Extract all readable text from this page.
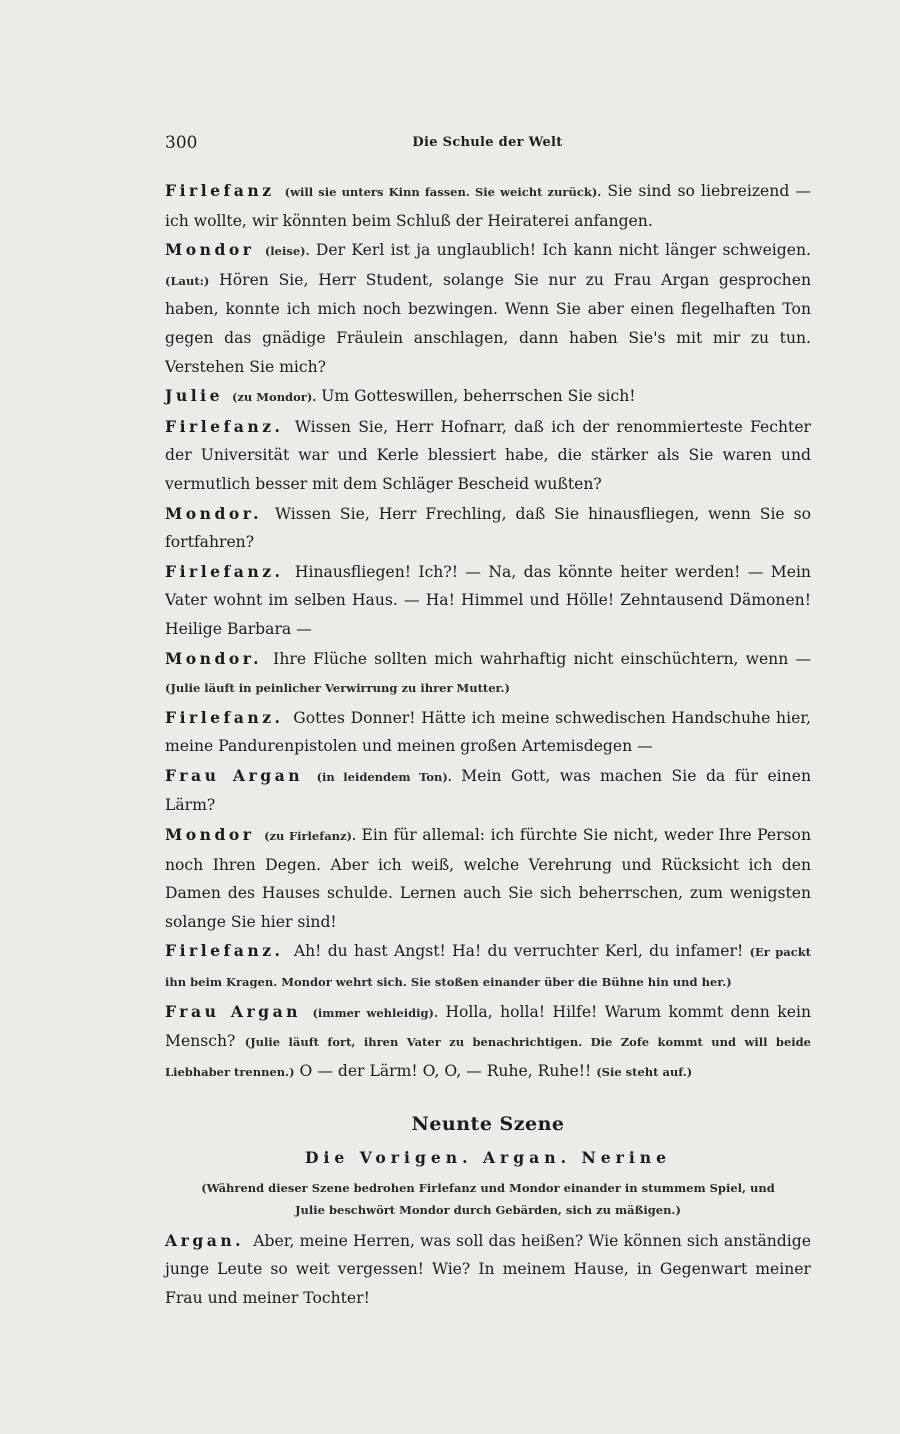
300	Die Schule der Welt
Firlefanz (will sie unters Kinn fassen. Sie weicht zurück). Sie sind so liebreizend — ich wollte, wir könnten beim Schluß der Heiraterei anfangen.
Mondor (leise). Der Kerl ist ja unglaublich! Ich kann nicht länger schweigen. (Laut:) Hören Sie, Herr Student, solange Sie nur zu Frau Argan gesprochen haben, konnte ich mich noch bezwingen. Wenn Sie aber einen flegelhaften Ton gegen das gnädige Fräulein anschlagen, dann haben Sie's mit mir zu tun. Verstehen Sie mich?
Julie (zu Mondor). Um Gotteswillen, beherrschen Sie sich!
Firlefanz. Wissen Sie, Herr Hofnarr, daß ich der renommierteste Fechter der Universität war und Kerle blessiert habe, die stärker als Sie waren und vermutlich besser mit dem Schläger Bescheid wußten?
Mondor. Wissen Sie, Herr Frechling, daß Sie hinausfliegen, wenn Sie so fortfahren?
Firlefanz. Hinausfliegen! Ich?! — Na, das könnte heiter werden! — Mein Vater wohnt im selben Haus. — Ha! Himmel und Hölle! Zehntausend Dämonen! Heilige Barbara —
Mondor. Ihre Flüche sollten mich wahrhaftig nicht einschüchtern, wenn — (Julie läuft in peinlicher Verwirrung zu ihrer Mutter.)
Firlefanz. Gottes Donner! Hätte ich meine schwedischen Handschuhe hier, meine Pandurenpistolen und meinen großen Artemisdegen —
Frau Argan (in leidendem Ton). Mein Gott, was machen Sie da für einen Lärm?
Mondor (zu Firlefanz). Ein für allemal: ich fürchte Sie nicht, weder Ihre Person noch Ihren Degen. Aber ich weiß, welche Verehrung und Rücksicht ich den Damen des Hauses schulde. Lernen auch Sie sich beherrschen, zum wenigsten solange Sie hier sind!
Firlefanz. Ah! du hast Angst! Ha! du verruchter Kerl, du infamer! (Er packt ihn beim Kragen. Mondor wehrt sich. Sie stoßen einander über die Bühne hin und her.)
Frau Argan (immer wehleidig). Holla, holla! Hilfe! Warum kommt denn kein Mensch? (Julie läuft fort, ihren Vater zu benachrichtigen. Die Zofe kommt und will beide Liebhaber trennen.) O — der Lärm! O, O, — Ruhe, Ruhe!! (Sie steht auf.)
Neunte Szene
Die Vorigen. Argan. Nerine
(Während dieser Szene bedrohen Firlefanz und Mondor einander in stummem Spiel, und Julie beschwört Mondor durch Gebärden, sich zu mäßigen.)
Argan. Aber, meine Herren, was soll das heißen? Wie können sich anständige junge Leute so weit vergessen! Wie? In meinem Hause, in Gegenwart meiner Frau und meiner Tochter!
